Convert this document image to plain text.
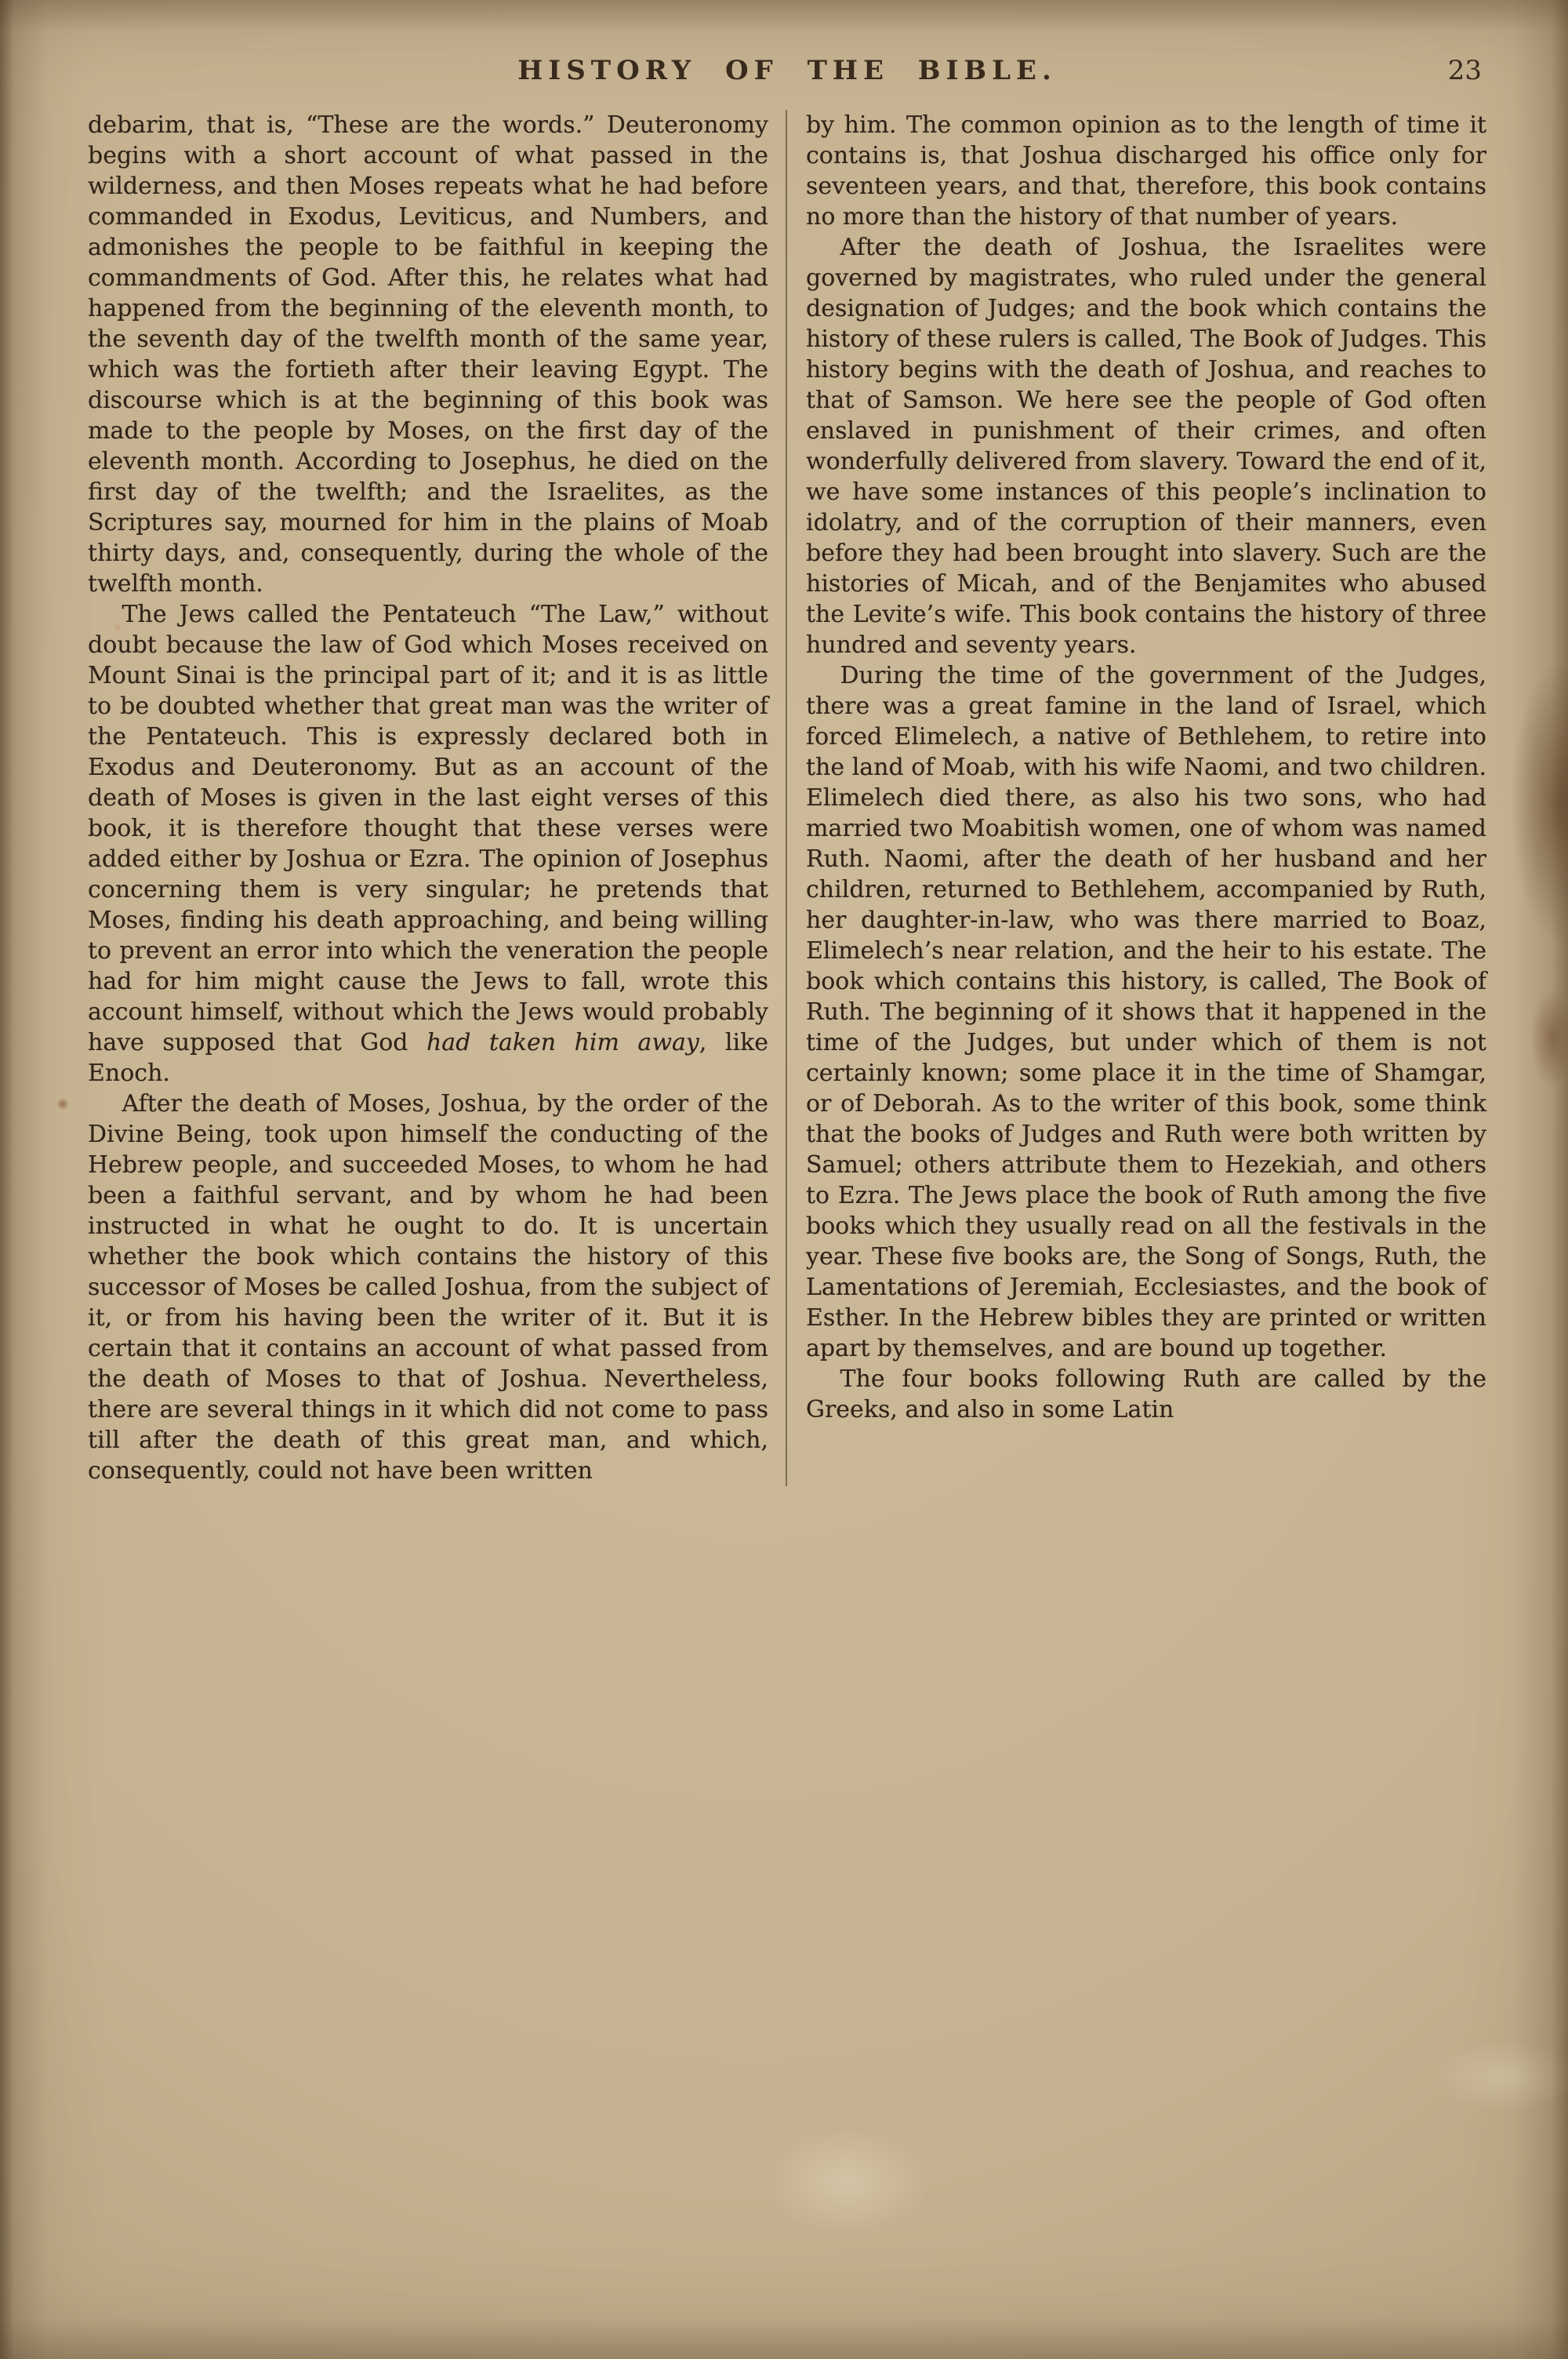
HISTORY OF THE BIBLE.	23

debarim, that is, “These are the words.” Deuteronomy begins with a short account of what passed in the wilderness, and then Moses repeats what he had before commanded in Exodus, Leviticus, and Numbers, and admonishes the people to be faithful in keeping the commandments of God. After this, he relates what had happened from the beginning of the eleventh month, to the seventh day of the twelfth month of the same year, which was the fortieth after their leaving Egypt. The discourse which is at the beginning of this book was made to the people by Moses, on the first day of the eleventh month. According to Josephus, he died on the first day of the twelfth; and the Israelites, as the Scriptures say, mourned for him in the plains of Moab thirty days, and, consequently, during the whole of the twelfth month.

The Jews called the Pentateuch “The Law,” without doubt because the law of God which Moses received on Mount Sinai is the principal part of it; and it is as little to be doubted whether that great man was the writer of the Pentateuch. This is expressly declared both in Exodus and Deuteronomy. But as an account of the death of Moses is given in the last eight verses of this book, it is therefore thought that these verses were added either by Joshua or Ezra. The opinion of Josephus concerning them is very singular; he pretends that Moses, finding his death approaching, and being willing to prevent an error into which the veneration the people had for him might cause the Jews to fall, wrote this account himself, without which the Jews would probably have supposed that God had taken him away, like Enoch.

After the death of Moses, Joshua, by the order of the Divine Being, took upon himself the conducting of the Hebrew people, and succeeded Moses, to whom he had been a faithful servant, and by whom he had been instructed in what he ought to do. It is uncertain whether the book which contains the history of this successor of Moses be called Joshua, from the subject of it, or from his having been the writer of it. But it is certain that it contains an account of what passed from the death of Moses to that of Joshua. Nevertheless, there are several things in it which did not come to pass till after the death of this great man, and which, consequently, could not have been written

by him. The common opinion as to the length of time it contains is, that Joshua discharged his office only for seventeen years, and that, therefore, this book contains no more than the history of that number of years.

After the death of Joshua, the Israelites were governed by magistrates, who ruled under the general designation of Judges; and the book which contains the history of these rulers is called, The Book of Judges. This history begins with the death of Joshua, and reaches to that of Samson. We here see the people of God often enslaved in punishment of their crimes, and often wonderfully delivered from slavery. Toward the end of it, we have some instances of this people’s inclination to idolatry, and of the corruption of their manners, even before they had been brought into slavery. Such are the histories of Micah, and of the Benjamites who abused the Levite’s wife. This book contains the history of three hundred and seventy years.

During the time of the government of the Judges, there was a great famine in the land of Israel, which forced Elimelech, a native of Bethlehem, to retire into the land of Moab, with his wife Naomi, and two children. Elimelech died there, as also his two sons, who had married two Moabitish women, one of whom was named Ruth. Naomi, after the death of her husband and her children, returned to Bethlehem, accompanied by Ruth, her daughter-in-law, who was there married to Boaz, Elimelech’s near relation, and the heir to his estate. The book which contains this history, is called, The Book of Ruth. The beginning of it shows that it happened in the time of the Judges, but under which of them is not certainly known; some place it in the time of Shamgar, or of Deborah. As to the writer of this book, some think that the books of Judges and Ruth were both written by Samuel; others attribute them to Hezekiah, and others to Ezra. The Jews place the book of Ruth among the five books which they usually read on all the festivals in the year. These five books are, the Song of Songs, Ruth, the Lamentations of Jeremiah, Ecclesiastes, and the book of Esther. In the Hebrew bibles they are printed or written apart by themselves, and are bound up together.

The four books following Ruth are called by the Greeks, and also in some Latin
